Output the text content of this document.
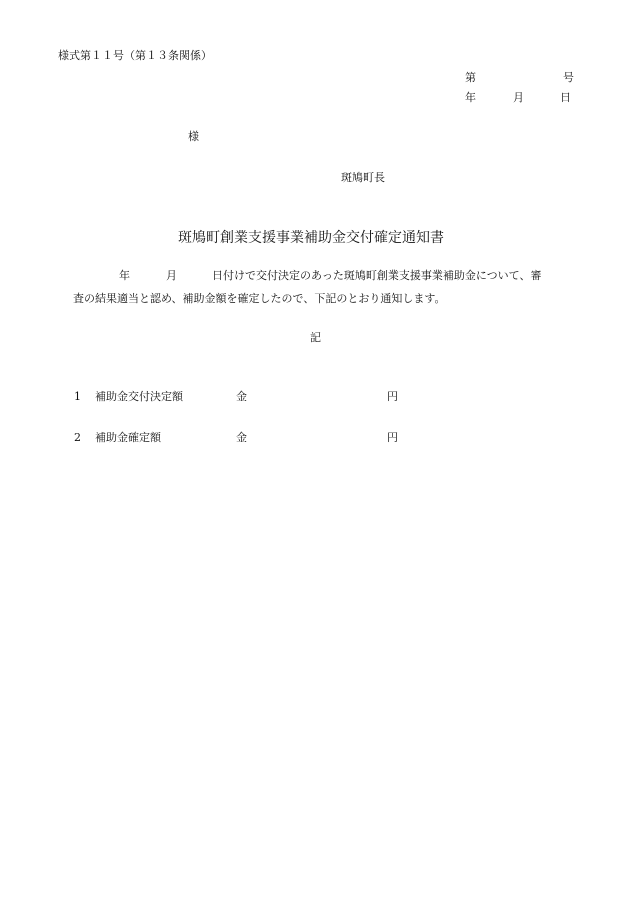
様式第１１号（第１３条関係）
第	号
年	月	日
様
斑鳩町長
斑鳩町創業支援事業補助金交付確定通知書
年	月	日付けで交付決定のあった斑鳩町創業支援事業補助金について、審
査の結果適当と認め、補助金額を確定したので、下記のとおり通知します。
記
1 補助金交付決定額	金	円
2 補助金確定額	金	円
